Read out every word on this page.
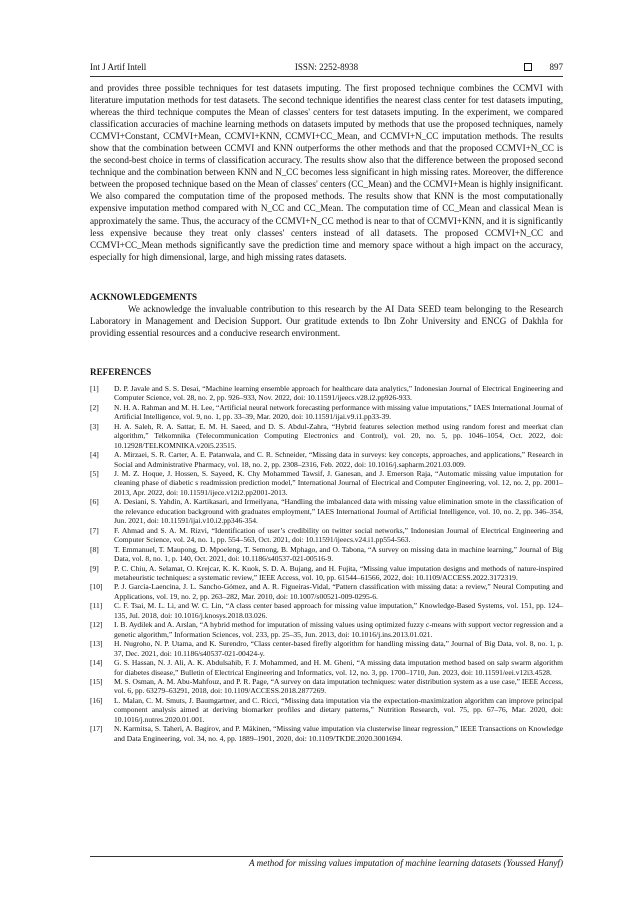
Int J Artif Intell	ISSN: 2252-8938	897

and provides three possible techniques for test datasets imputing. The first proposed technique combines the CCMVI with literature imputation methods for test datasets. The second technique identifies the nearest class center for test datasets imputing, whereas the third technique computes the Mean of classes' centers for test datasets imputing. In the experiment, we compared classification accuracies of machine learning methods on datasets imputed by methods that use the proposed techniques, namely CCMVI+Constant, CCMVI+Mean, CCMVI+KNN, CCMVI+CC_Mean, and CCMVI+N_CC imputation methods. The results show that the combination between CCMVI and KNN outperforms the other methods and that the proposed CCMVI+N_CC is the second-best choice in terms of classification accuracy. The results show also that the difference between the proposed second technique and the combination between KNN and N_CC becomes less significant in high missing rates. Moreover, the difference between the proposed technique based on the Mean of classes' centers (CC_Mean) and the CCMVI+Mean is highly insignificant. We also compared the computation time of the proposed methods. The results show that KNN is the most computationally expensive imputation method compared with N_CC and CC_Mean. The computation time of CC_Mean and classical Mean is approximately the same. Thus, the accuracy of the CCMVI+N_CC method is near to that of CCMVI+KNN, and it is significantly less expensive because they treat only classes' centers instead of all datasets. The proposed CCMVI+N_CC and CCMVI+CC_Mean methods significantly save the prediction time and memory space without a high impact on the accuracy, especially for high dimensional, large, and high missing rates datasets.

ACKNOWLEDGEMENTS

We acknowledge the invaluable contribution to this research by the AI Data SEED team belonging to the Research Laboratory in Management and Decision Support. Our gratitude extends to Ibn Zohr University and ENCG of Dakhla for providing essential resources and a conducive research environment.

REFERENCES

[1] D. P. Javale and S. S. Desai, “Machine learning ensemble approach for healthcare data analytics,” Indonesian Journal of Electrical Engineering and Computer Science, vol. 28, no. 2, pp. 926–933, Nov. 2022, doi: 10.11591/ijeecs.v28.i2.pp926-933.
[2] N. H. A. Rahman and M. H. Lee, “Artificial neural network forecasting performance with missing value imputations,” IAES International Journal of Artificial Intelligence, vol. 9, no. 1, pp. 33–39, Mar. 2020, doi: 10.11591/ijai.v9.i1.pp33-39.
[3] H. A. Saleh, R. A. Sattar, E. M. H. Saeed, and D. S. Abdul-Zahra, “Hybrid features selection method using random forest and meerkat clan algorithm,” Telkomnika (Telecommunication Computing Electronics and Control), vol. 20, no. 5, pp. 1046–1054, Oct. 2022, doi: 10.12928/TELKOMNIKA.v20i5.23515.
[4] A. Mirzaei, S. R. Carter, A. E. Patanwala, and C. R. Schneider, “Missing data in surveys: key concepts, approaches, and applications,” Research in Social and Administrative Pharmacy, vol. 18, no. 2, pp. 2308–2316, Feb. 2022, doi: 10.1016/j.sapharm.2021.03.009.
[5] J. M. Z. Hoque, J. Hossen, S. Sayeed, K. Chy Mohammed Tawsif, J. Ganesan, and J. Emerson Raja, “Automatic missing value imputation for cleaning phase of diabetic s readmission prediction model,” International Journal of Electrical and Computer Engineering, vol. 12, no. 2, pp. 2001–2013, Apr. 2022, doi: 10.11591/ijece.v12i2.pp2001-2013.
[6] A. Desiani, S. Yahdin, A. Kartikasari, and Irmeilyana, “Handling the imbalanced data with missing value elimination smote in the classification of the relevance education background with graduates employment,” IAES International Journal of Artificial Intelligence, vol. 10, no. 2, pp. 346–354, Jun. 2021, doi: 10.11591/ijai.v10.i2.pp346-354.
[7] F. Ahmad and S. A. M. Rizvi, “Identification of user’s credibility on twitter social networks,” Indonesian Journal of Electrical Engineering and Computer Science, vol. 24, no. 1, pp. 554–563, Oct. 2021, doi: 10.11591/ijeecs.v24.i1.pp554-563.
[8] T. Emmanuel, T. Maupong, D. Mpoeleng, T. Semong, B. Mphago, and O. Tabona, “A survey on missing data in machine learning,” Journal of Big Data, vol. 8, no. 1, p. 140, Oct. 2021, doi: 10.1186/s40537-021-00516-9.
[9] P. C. Chiu, A. Selamat, O. Krejcar, K. K. Kuok, S. D. A. Bujang, and H. Fujita, “Missing value imputation designs and methods of nature-inspired metaheuristic techniques: a systematic review,” IEEE Access, vol. 10, pp. 61544–61566, 2022, doi: 10.1109/ACCESS.2022.3172319.
[10] P. J. García-Laencina, J. L. Sancho-Gómez, and A. R. Figueiras-Vidal, “Pattern classification with missing data: a review,” Neural Computing and Applications, vol. 19, no. 2, pp. 263–282, Mar. 2010, doi: 10.1007/s00521-009-0295-6.
[11] C. F. Tsai, M. L. Li, and W. C. Lin, “A class center based approach for missing value imputation,” Knowledge-Based Systems, vol. 151, pp. 124–135, Jul. 2018, doi: 10.1016/j.knosys.2018.03.026.
[12] I. B. Aydilek and A. Arslan, “A hybrid method for imputation of missing values using optimized fuzzy c-means with support vector regression and a genetic algorithm,” Information Sciences, vol. 233, pp. 25–35, Jun. 2013, doi: 10.1016/j.ins.2013.01.021.
[13] H. Nugroho, N. P. Utama, and K. Surendro, “Class center-based firefly algorithm for handling missing data,” Journal of Big Data, vol. 8, no. 1, p. 37, Dec. 2021, doi: 10.1186/s40537-021-00424-y.
[14] G. S. Hassan, N. J. Ali, A. K. Abdulsahib, F. J. Mohammed, and H. M. Gheni, “A missing data imputation method based on salp swarm algorithm for diabetes disease,” Bulletin of Electrical Engineering and Informatics, vol. 12, no. 3, pp. 1700–1710, Jun. 2023, doi: 10.11591/eei.v12i3.4528.
[15] M. S. Osman, A. M. Abu-Mahfouz, and P. R. Page, “A survey on data imputation techniques: water distribution system as a use case,” IEEE Access, vol. 6, pp. 63279–63291, 2018, doi: 10.1109/ACCESS.2018.2877269.
[16] L. Malan, C. M. Smuts, J. Baumgartner, and C. Ricci, “Missing data imputation via the expectation-maximization algorithm can improve principal component analysis aimed at deriving biomarker profiles and dietary patterns,” Nutrition Research, vol. 75, pp. 67–76, Mar. 2020, doi: 10.1016/j.nutres.2020.01.001.
[17] N. Karmitsa, S. Taheri, A. Bagirov, and P. Mäkinen, “Missing value imputation via clusterwise linear regression,” IEEE Transactions on Knowledge and Data Engineering, vol. 34, no. 4, pp. 1889–1901, 2020, doi: 10.1109/TKDE.2020.3001694.
A method for missing values imputation of machine learning datasets (Youssed Hanyf)
